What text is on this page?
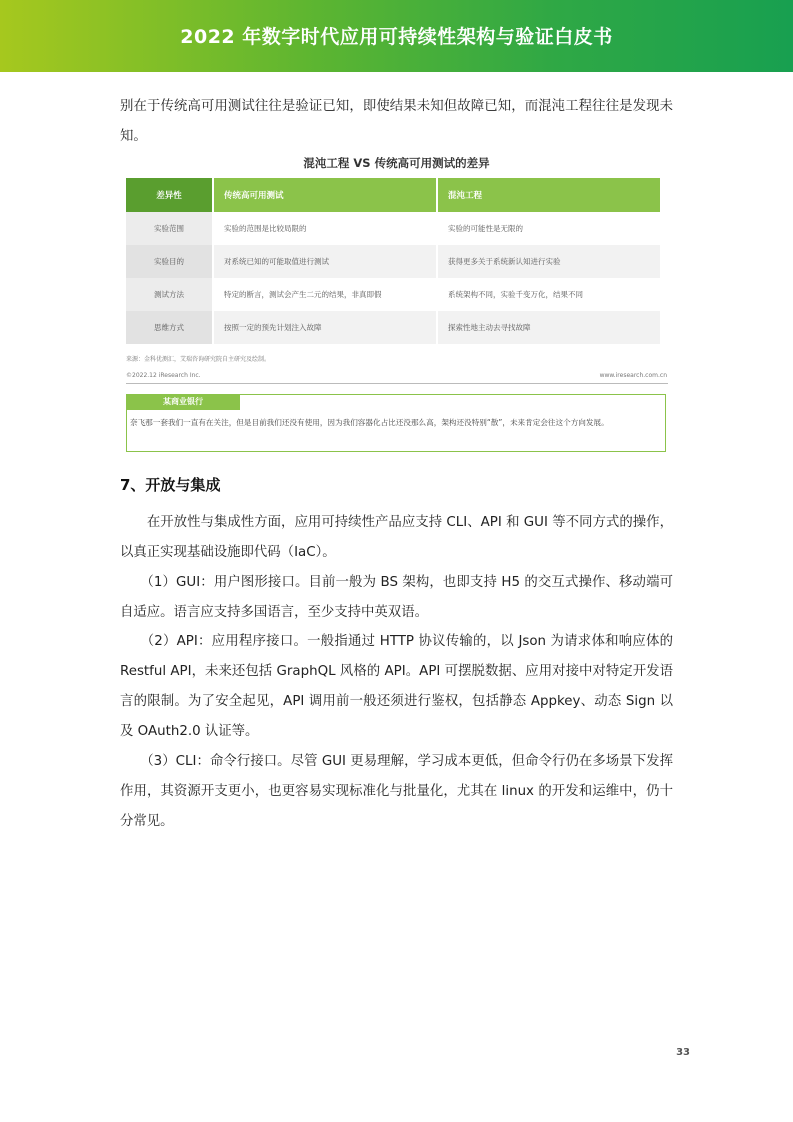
2022 年数字时代应用可持续性架构与验证白皮书

别在于传统高可用测试往往是验证已知，即使结果未知但故障已知，而混沌工程往往是发现未知。

混沌工程 VS 传统高可用测试的差异
差异性	传统高可用测试	混沌工程
实验范围	实验的范围是比较局限的	实验的可能性是无限的
实验目的	对系统已知的可能取值进行测试	获得更多关于系统新认知进行实验
测试方法	特定的断言，测试会产生二元的结果，非真即假	系统架构不同，实验千变万化，结果不同
思维方式	按照一定的预先计划注入故障	探索性地主动去寻找故障
来源：金科优测汇，艾瑞咨询研究院自主研究及绘制。
©2022.12 iResearch Inc.	www.iresearch.com.cn
某商业银行

奈飞那一套我们一直有在关注，但是目前我们还没有使用，因为我们容器化占比还没那么高，架构还没特别“散”，未来肯定会往这个方向发展。

7、开放与集成

　　在开放性与集成性方面，应用可持续性产品应支持 CLI、API 和 GUI 等不同方式的操作，以真正实现基础设施即代码（IaC）。

　　（1）GUI：用户图形接口。目前一般为 BS 架构，也即支持 H5 的交互式操作、移动端可自适应。语言应支持多国语言，至少支持中英双语。

　　（2）API：应用程序接口。一般指通过 HTTP 协议传输的，以 Json 为请求体和响应体的 Restful API，未来还包括 GraphQL 风格的 API。API 可摆脱数据、应用对接中对特定开发语言的限制。为了安全起见，API 调用前一般还须进行鉴权，包括静态 Appkey、动态 Sign 以及 OAuth2.0 认证等。

　　（3）CLI：命令行接口。尽管 GUI 更易理解，学习成本更低，但命令行仍在多场景下发挥作用，其资源开支更小，也更容易实现标准化与批量化，尤其在 linux 的开发和运维中，仍十分常见。

33
